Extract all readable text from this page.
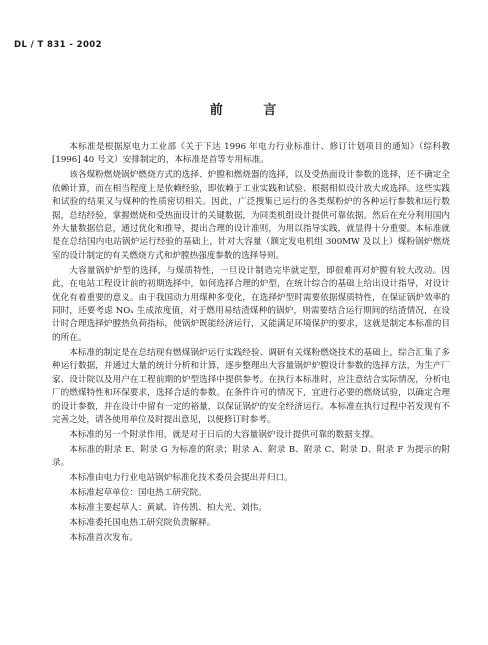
DL / T 831 - 2002
前 言

本标准是根据原电力工业部《关于下达 1996 年电力行业标准计、修订计划项目的通知》（综科教[1996] 40 号文）安排制定的，本标准是首等专用标准。

该各煤粉燃烧锅炉燃烧方式的选择、炉膛和燃烧器的选择，以及受热面设计参数的选择，还不确定全依赖计算，而在相当程度上是依赖经验，即依赖于工业实践和试验、根据相似设计放大或选择。这些实践和试验的结果又与煤种的性质密切相关。因此，广泛搜集已运行的各类煤粉炉的各种运行参数和运行数据，总结经验，掌握燃烧和受热面设计的关键数据，为同类机组设计提供可靠依据。然后在充分利用国内外大量数据信息，通过优化和推导，提出合理的设计准则，为用以指导实践，就显得十分重要。本标准就是在总结国内电站锅炉运行经验的基础上，针对大容量（额定发电机组 300MW 及以上）煤粉锅炉燃烧室的设计制定的有关燃烧方式和炉膛热强度参数的选择导则。

大容量锅炉炉型的选择，与煤质特性，一旦设计制造完毕就定型，即很难再对炉膛有较大改动。因此，在电站工程设计前的初期选择中，如何选择合理的炉型，在统计综合的基础上给出设计指导，对设计优化有着重要的意义。由于我国动力用煤种多变化，在选择炉型时需要依据煤质特性，在保证锅炉效率的同时，还要考虑 NOₓ 生成浓度值，对于燃用易结渣煤种的锅炉，则需要结合运行期间的结渣情况，在设计时合理选择炉膛热负荷指标，使锅炉既能经济运行，又能满足环境保护的要求，这就是制定本标准的目的所在。

本标准的制定是在总结现有燃煤锅炉运行实践经验、调研有关煤粉燃烧技术的基础上，综合汇集了多种运行数据，并通过大量的统计分析和计算，逐步整理出大容量锅炉炉膛设计参数的选择方法，为生产厂家、设计院以及用户在工程前期的炉型选择中提供参考。在执行本标准时，应注意结合实际情况，分析电厂的燃煤特性和环保要求，选择合适的参数。在条件许可的情况下，宜进行必要的燃烧试验，以确定合理的设计参数，并在设计中留有一定的裕量，以保证锅炉的安全经济运行。本标准在执行过程中若发现有不完善之处，请各使用单位及时提出意见，以便修订时参考。

本标准的另一个附录作用，就是对于日后的大容量锅炉设计提供可靠的数据支撑。

本标准的附录 E、附录 G 为标准的附录；附录 A、附录 B、附录 C、附录 D、附录 F 为提示的附录。

本标准由电力行业电站锅炉标准化技术委员会提出并归口。

本标准起草单位：国电热工研究院。

本标准主要起草人：黄斌、许传凯、柏大光、刘伟。

本标准委托国电热工研究院负责解释。

本标准首次发布。
